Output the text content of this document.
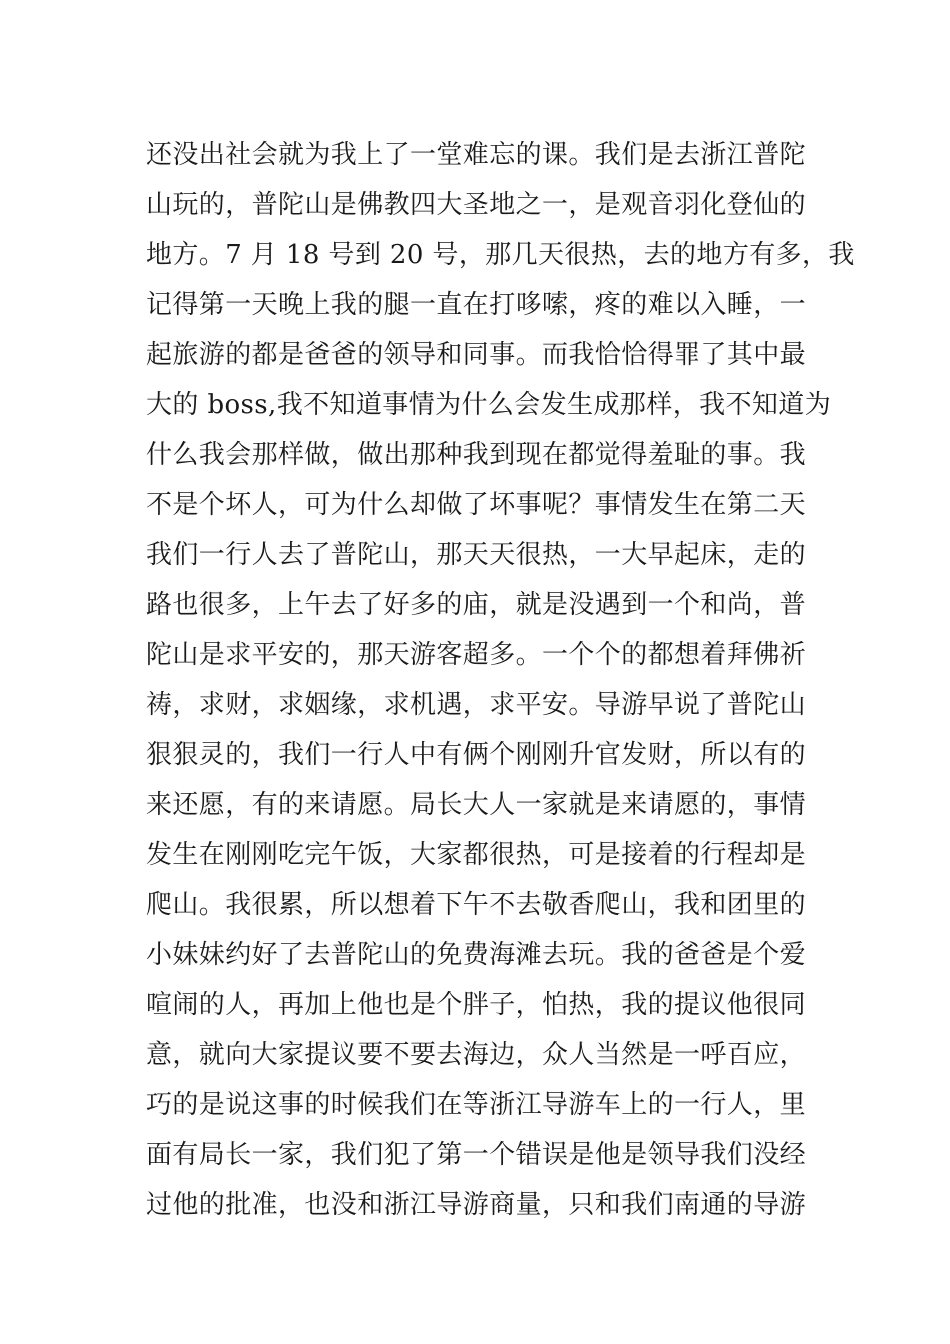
还没出社会就为我上了一堂难忘的课。我们是去浙江普陀
山玩的，普陀山是佛教四大圣地之一，是观音羽化登仙的
地方。7 月 18 号到 20 号，那几天很热，去的地方有多，我
记得第一天晚上我的腿一直在打哆嗦，疼的难以入睡，一
起旅游的都是爸爸的领导和同事。而我恰恰得罪了其中最
大的 boss,我不知道事情为什么会发生成那样，我不知道为
什么我会那样做，做出那种我到现在都觉得羞耻的事。我
不是个坏人，可为什么却做了坏事呢？事情发生在第二天
我们一行人去了普陀山，那天天很热，一大早起床，走的
路也很多，上午去了好多的庙，就是没遇到一个和尚，普
陀山是求平安的，那天游客超多。一个个的都想着拜佛祈
祷，求财，求姻缘，求机遇，求平安。导游早说了普陀山
狠狠灵的，我们一行人中有俩个刚刚升官发财，所以有的
来还愿，有的来请愿。局长大人一家就是来请愿的，事情
发生在刚刚吃完午饭，大家都很热，可是接着的行程却是
爬山。我很累，所以想着下午不去敬香爬山，我和团里的
小妹妹约好了去普陀山的免费海滩去玩。我的爸爸是个爱
喧闹的人，再加上他也是个胖子，怕热，我的提议他很同
意，就向大家提议要不要去海边，众人当然是一呼百应，
巧的是说这事的时候我们在等浙江导游车上的一行人，里
面有局长一家，我们犯了第一个错误是他是领导我们没经
过他的批准，也没和浙江导游商量，只和我们南通的导游
